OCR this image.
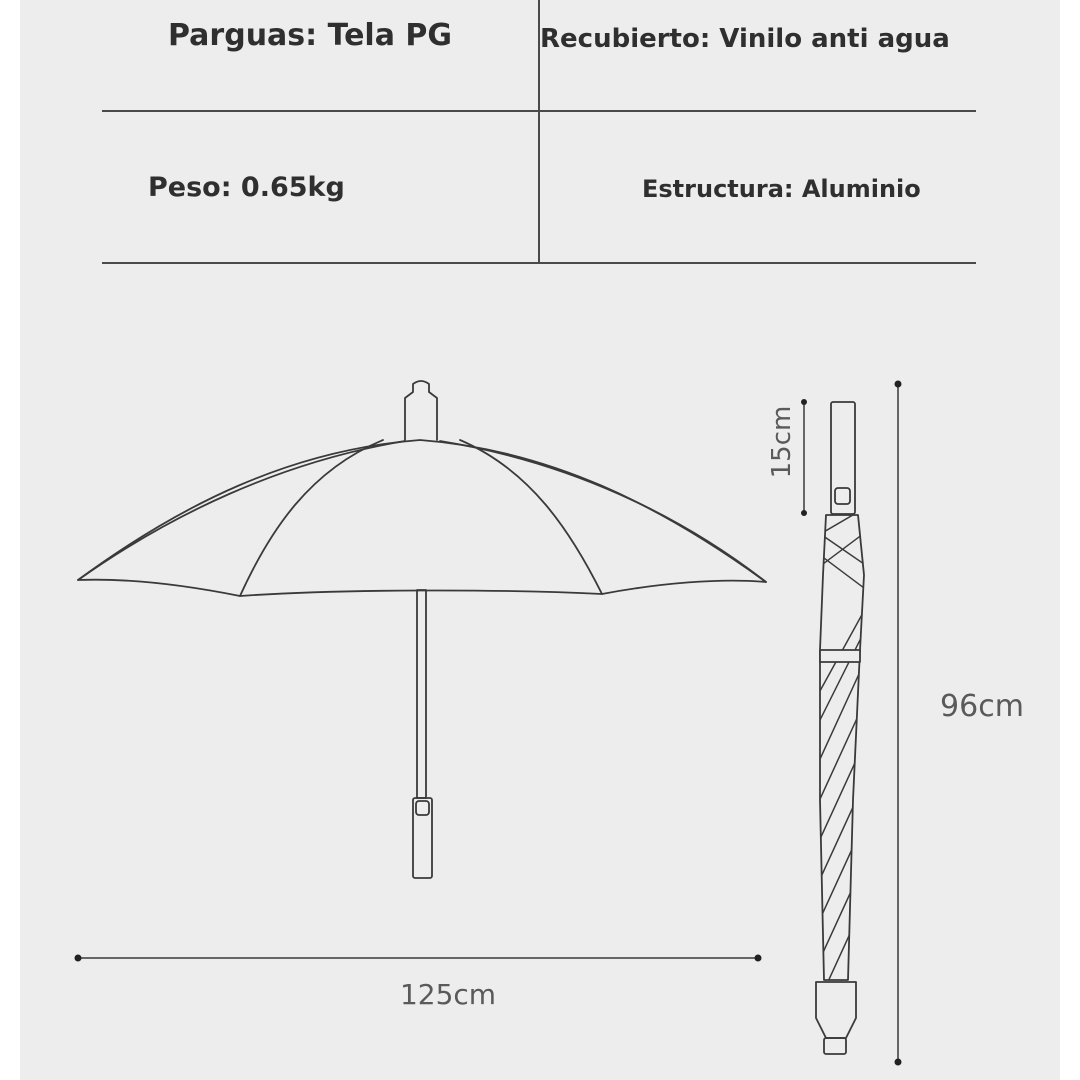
Parguas: Tela PG	Recubierto: Vinilo anti agua

Peso: 0.65kg	Estructura: Aluminio

125cm
15cm
96cm
